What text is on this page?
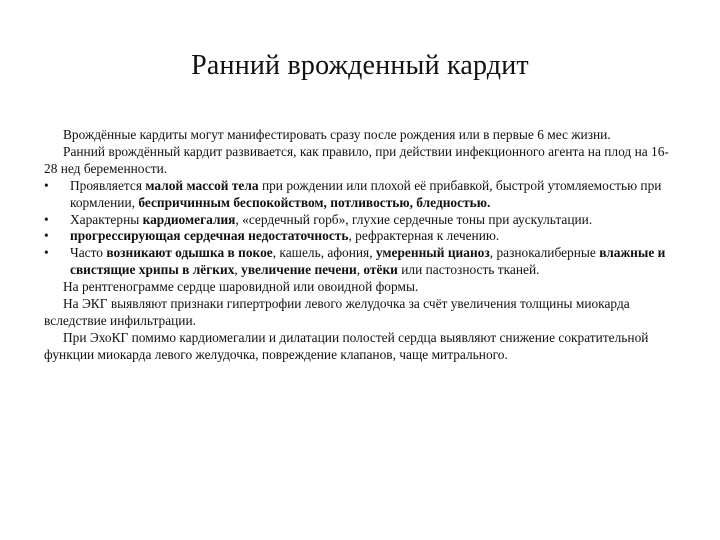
Ранний врожденный кардит

Врождённые кардиты могут манифестировать сразу после рождения или в первые 6 мес жизни.

Ранний врождённый кардит развивается, как правило, при действии инфекционного агента на плод на 16-28 нед беременности.

•	Проявляется малой массой тела при рождении или плохой её прибавкой, быстрой утомляемостью при кормлении, беспричинным беспокойством, потливостью, бледностью.

•	Характерны кардиомегалия, «сердечный горб», глухие сердечные тоны при аускультации.

•	прогрессирующая сердечная недостаточность, рефрактерная к лечению.

•	Часто возникают одышка в покое, кашель, афония, умеренный цианоз, разнокалиберные влажные и свистящие хрипы в лёгких, увеличение печени, отёки или пастозность тканей.

На рентгенограмме сердце шаровидной или овоидной формы.

На ЭКГ выявляют признаки гипертрофии левого желудочка за счёт увеличения толщины миокарда вследствие инфильтрации.

При ЭхоКГ помимо кардиомегалии и дилатации полостей сердца выявляют снижение сократительной функции миокарда левого желудочка, повреждение клапанов, чаще митрального.
